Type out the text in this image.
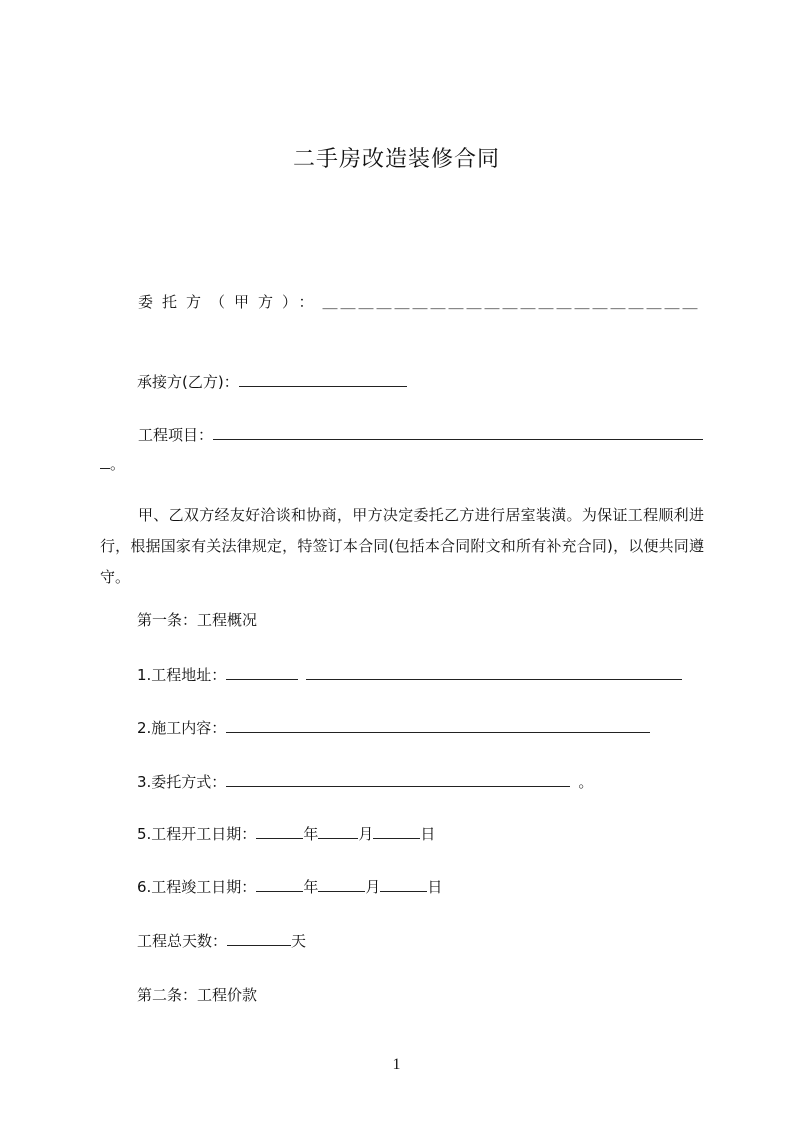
二手房改造装修合同
委托方（甲方）：＿＿＿＿＿＿＿＿＿＿＿＿＿＿＿＿＿＿＿＿＿
承接方(乙方)：
工程项目：
。
甲、乙双方经友好洽谈和协商，甲方决定委托乙方进行居室装潢。为保证工程顺利进行，根据国家有关法律规定，特签订本合同(包括本合同附文和所有补充合同)，以便共同遵守。
第一条：工程概况
1.工程地址：
2.施工内容：
3.委托方式：	。
5.工程开工日期：	年	月	日
6.工程竣工日期：	年	月	日
工程总天数：	天
第二条：工程价款
1
